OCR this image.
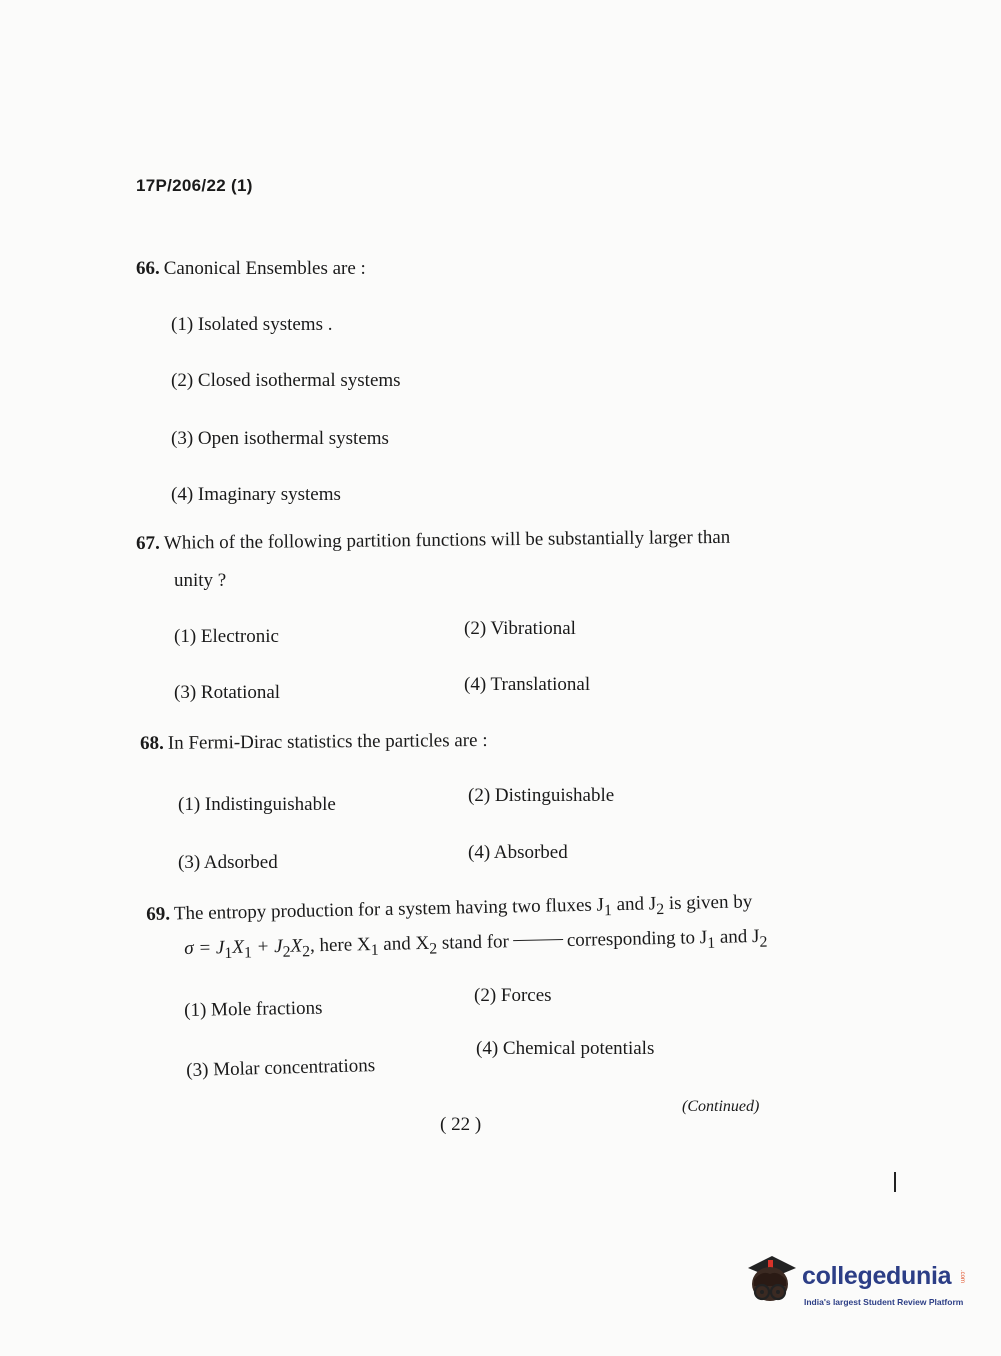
17P/206/22 (1)
66. Canonical Ensembles are :
(1) Isolated systems .
(2) Closed isothermal systems
(3) Open isothermal systems
(4) Imaginary systems
67. Which of the following partition functions will be substantially larger than
unity ?
(1) Electronic	(2) Vibrational
(3) Rotational	(4) Translational
68. In Fermi-Dirac statistics the particles are :
(1) Indistinguishable	(2) Distinguishable
(3) Adsorbed	(4) Absorbed
69. The entropy production for a system having two fluxes $J_1$ and $J_2$ is given by
$\sigma = J_1X_1 + J_2X_2$, here $X_1$ and $X_2$ stand for	corresponding to $J_1$ and $J_2$
(1) Mole fractions
(2) Forces
(3) Molar concentrations
(4) Chemical potentials
( 22 )
(Continued)
collegedunia .com
India's largest Student Review Platform
